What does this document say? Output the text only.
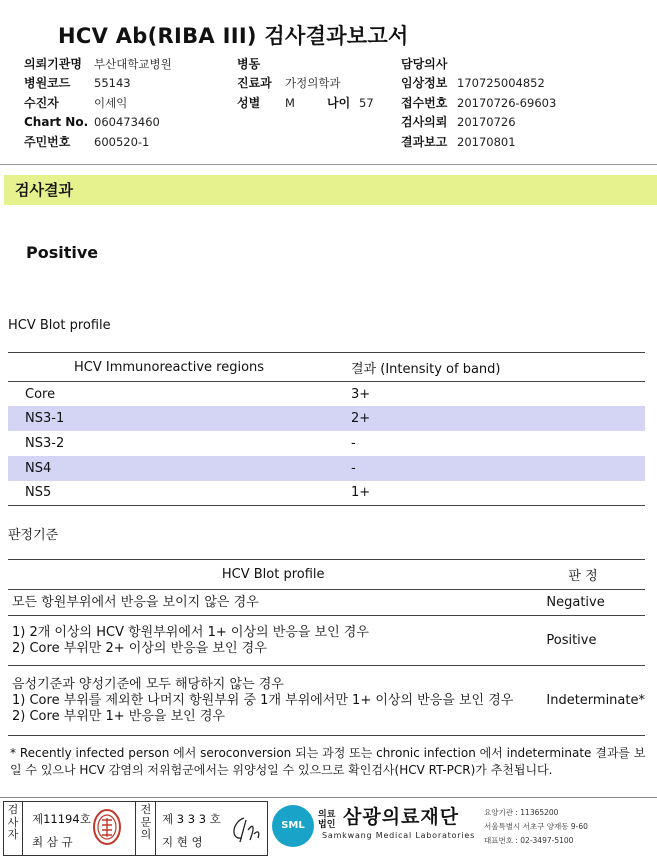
HCV Ab(RIBA III) 검사결과보고서
의뢰기관명	부산대학교병원
병원코드	55143
수진자	이세익
Chart No. 060473460
주민번호	600520-1
병동
진료과	가정의학과
성별	M	나이 57
담당의사
임상정보 170725004852
접수번호 20170726-69603
검사의뢰 20170726
결과보고 20170801
검사결과
Positive
HCV Blot profile
HCV Immunoreactive regions	결과 (Intensity of band)
Core	3+
NS3-1	2+
NS3-2	-
NS4	-
NS5	1+
판정기준
HCV Blot profile	판 정

모든 항원부위에서 반응을 보이지 않은 경우	Negative

1) 2개 이상의 HCV 항원부위에서 1+ 이상의 반응을 보인 경우
2) Core 부위만 2+ 이상의 반응을 보인 경우	Positive

음성기준과 양성기준에 모두 해당하지 않는 경우
1) Core 부위를 제외한 나머지 항원부위 중 1개 부위에서만 1+ 이상의 반응을 보인 경우
2) Core 부위만 1+ 반응을 보인 경우	Indeterminate*
* Recently infected person 에서 seroconversion 되는 과정 또는 chronic infection 에서 indeterminate 결과를 보일 수 있으나 HCV 감염의 저위험군에서는 위양성일 수 있으므로 확인검사(HCV RT-PCR)가 추천됩니다.
검사자
제11194호
최 삼 규
전문의
제 3 3 3 호
지 현 영
SML
의료법인 삼광의료재단
Samkwang Medical Laboratories
요양기관 : 11365200
서울특별시 서초구 양재동 9-60
대표번호 : 02-3497-5100
